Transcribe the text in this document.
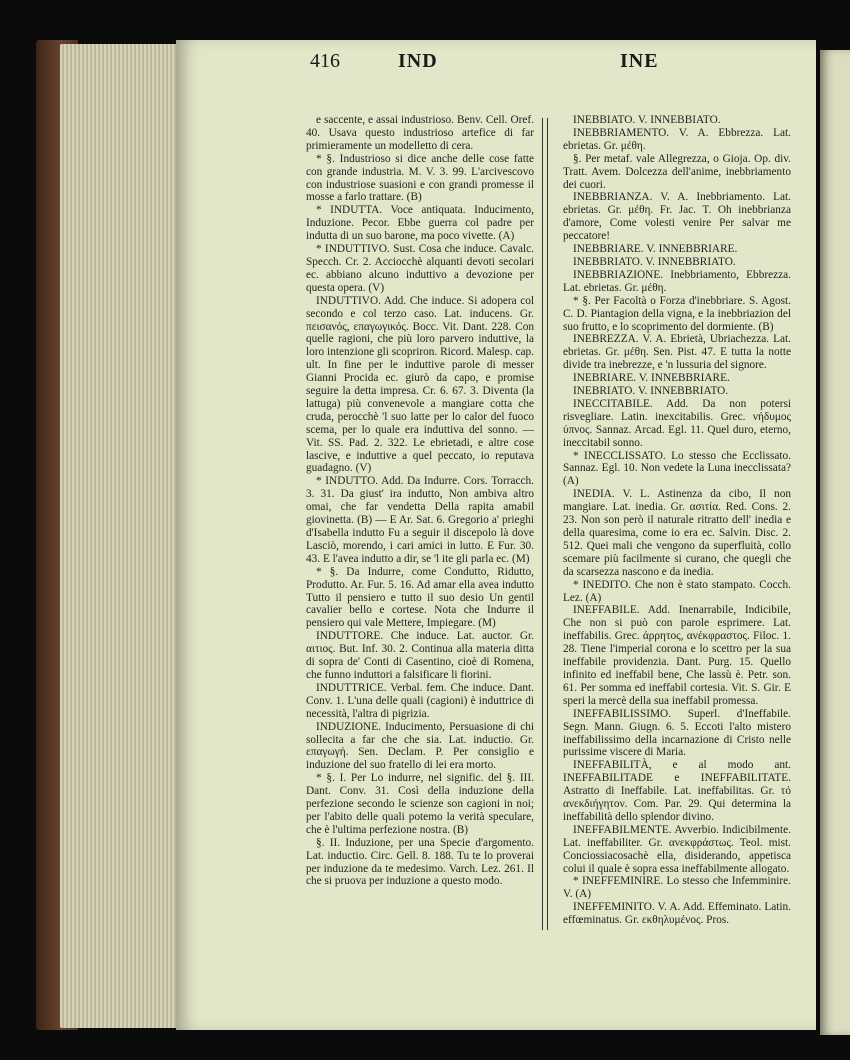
416	IND	INE

e saccente, e assai industrioso. Benv. Cell. Oref. 40. Usava questo industrioso artefice di far primieramente un modelletto di cera.

* §. Industrioso si dice anche delle cose fatte con grande industria. M. V. 3. 99. L'arcivescovo con industriose suasioni e con grandi promesse il mosse a farlo trattare. (B)

* INDUTTA. Voce antiquata. Inducimento, Induzione. Pecor. Ebbe guerra col padre per indutta di un suo barone, ma poco vivette. (A)

* INDUTTIVO. Sust. Cosa che induce. Cavalc. Specch. Cr. 2. Acciocchè alquanti devoti secolari ec. abbiano alcuno induttivo a devozione per questa opera. (V)

INDUTTIVO. Add. Che induce. Si adopera col secondo e col terzo caso. Lat. inducens. Gr. πεισανός, επαγωγικός. Bocc. Vit. Dant. 228. Con quelle ragioni, che più loro parvero induttive, la loro intenzione gli scopriron. Ricord. Malesp. cap. ult. In fine per le induttive parole di messer Gianni Procida ec. giurò da capo, e promise seguire la detta impresa. Cr. 6. 67. 3. Diventa (la lattuga) più convenevole a mangiare cotta che cruda, perocchè 'l suo latte per lo calor del fuoco scema, per lo quale era induttiva del sonno. — Vit. SS. Pad. 2. 322. Le ebrietadi, e altre cose lascive, e induttive a quel peccato, io reputava guadagno. (V)

* INDUTTO. Add. Da Indurre. Cors. Torracch. 3. 31. Da giust' ira indutto, Non ambiva altro omai, che far vendetta Della rapita amabil giovinetta. (B) — E Ar. Sat. 6. Gregorio a' prieghi d'Isabella indutto Fu a seguir il discepolo là dove Lasciò, morendo, i cari amici in lutto. E Fur. 30. 43. E l'avea indutto a dir, se 'l ite gli parla ec. (M)

* §. Da Indurre, come Condutto, Ridutto, Produtto. Ar. Fur. 5. 16. Ad amar ella avea indutto Tutto il pensiero e tutto il suo desio Un gentil cavalier bello e cortese. Nota che Indurre il pensiero qui vale Mettere, Impiegare. (M)

INDUTTORE. Che induce. Lat. auctor. Gr. αιτιος. But. Inf. 30. 2. Continua alla materia ditta di sopra de' Conti di Casentino, cioè di Romena, che funno induttori a falsificare li fiorini.

INDUTTRICE. Verbal. fem. Che induce. Dant. Conv. 1. L'una delle quali (cagioni) è induttrice di necessità, l'altra di pigrizia.

INDUZIONE. Inducimento, Persuasione di chi sollecita a far che che sia. Lat. inductio. Gr. επαγωγή. Sen. Declam. P. Per consiglio e induzione del suo fratello di lei era morto.

* §. I. Per Lo indurre, nel signific. del §. III. Dant. Conv. 31. Così della induzione della perfezione secondo le scienze son cagioni in noi; per l'abito delle quali potemo la verità speculare, che è l'ultima perfezione nostra. (B)

§. II. Induzione, per una Specie d'argomento. Lat. inductio. Circ. Gell. 8. 188. Tu te lo proverai per induzione da te medesimo. Varch. Lez. 261. Il che si pruova per induzione a questo modo.

INEBBIATO. V. INNEBBIATO.

INEBBRIAMENTO. V. A. Ebbrezza. Lat. ebrietas. Gr. μέθη.

§. Per metaf. vale Allegrezza, o Gioja. Op. div. Tratt. Avem. Dolcezza dell'anime, inebbriamento dei cuori.

INEBBRIANZA. V. A. Inebbriamento. Lat. ebrietas. Gr. μέθη. Fr. Jac. T. Oh inebbrianza d'amore, Come volesti venire Per salvar me peccatore!

INEBBRIARE. V. INNEBBRIARE.

INEBBRIATO. V. INNEBBRIATO.

INEBBRIAZIONE. Inebbriamento, Ebbrezza. Lat. ebrietas. Gr. μέθη.

* §. Per Facoltà o Forza d'inebbriare. S. Agost. C. D. Piantagion della vigna, e la inebbriazion del suo frutto, e lo scoprimento del dormiente. (B)

INEBREZZA. V. A. Ebrietà, Ubriachezza. Lat. ebrietas. Gr. μέθη. Sen. Pist. 47. E tutta la notte divide tra inebrezze, e 'n lussuria del signore.

INEBRIARE. V. INNEBBRIARE.

INEBRIATO. V. INNEBBRIATO.

INECCITABILE. Add. Da non potersi risvegliare. Latin. inexcitabilis. Grec. νήδυμος ύπνος. Sannaz. Arcad. Egl. 11. Quel duro, eterno, ineccitabil sonno.

* INECCLISSATO. Lo stesso che Ecclissato. Sannaz. Egl. 10. Non vedete la Luna inecclissata? (A)

INEDIA. V. L. Astinenza da cibo, Il non mangiare. Lat. inedia. Gr. ασιτία. Red. Cons. 2. 23. Non son però il naturale ritratto dell' inedia e della quaresima, come io era ec. Salvin. Disc. 2. 512. Quei mali che vengono da superfluità, collo scemare più facilmente si curano, che quegli che da scarsezza nascono e da inedia.

* INEDITO. Che non è stato stampato. Cocch. Lez. (A)

INEFFABILE. Add. Inenarrabile, Indicibile, Che non si può con parole esprimere. Lat. ineffabilis. Grec. άρρητος, ανέκφραστος. Filoc. 1. 28. Tiene l'imperial corona e lo scettro per la sua ineffabile providenzia. Dant. Purg. 15. Quello infinito ed ineffabil bene, Che lassù è. Petr. son. 61. Per somma ed ineffabil cortesia. Vit. S. Gir. E speri la mercè della sua ineffabil promessa.

INEFFABILISSIMO. Superl. d'Ineffabile. Segn. Mann. Giugn. 6. 5. Eccoti l'alto mistero ineffabilissimo della incarnazione di Cristo nelle purissime viscere di Maria.

INEFFABILITÀ, e al modo ant. INEFFABILITADE e INEFFABILITATE. Astratto di Ineffabile. Lat. ineffabilitas. Gr. τό ανεκδιήγητον. Com. Par. 29. Qui determina la ineffabilità dello splendor divino.

INEFFABILMENTE. Avverbio. Indicibilmente. Lat. ineffabiliter. Gr. ανεκφράστως. Teol. mist. Conciossiacosachè ella, disiderando, appetisca colui il quale è sopra essa ineffabilmente allogato.

* INEFFEMINIRE. Lo stesso che Infemminire. V. (A)

INEFFEMINITO. V. A. Add. Effeminato. Latin. effœminatus. Gr. εκθηλυμένος. Pros.
